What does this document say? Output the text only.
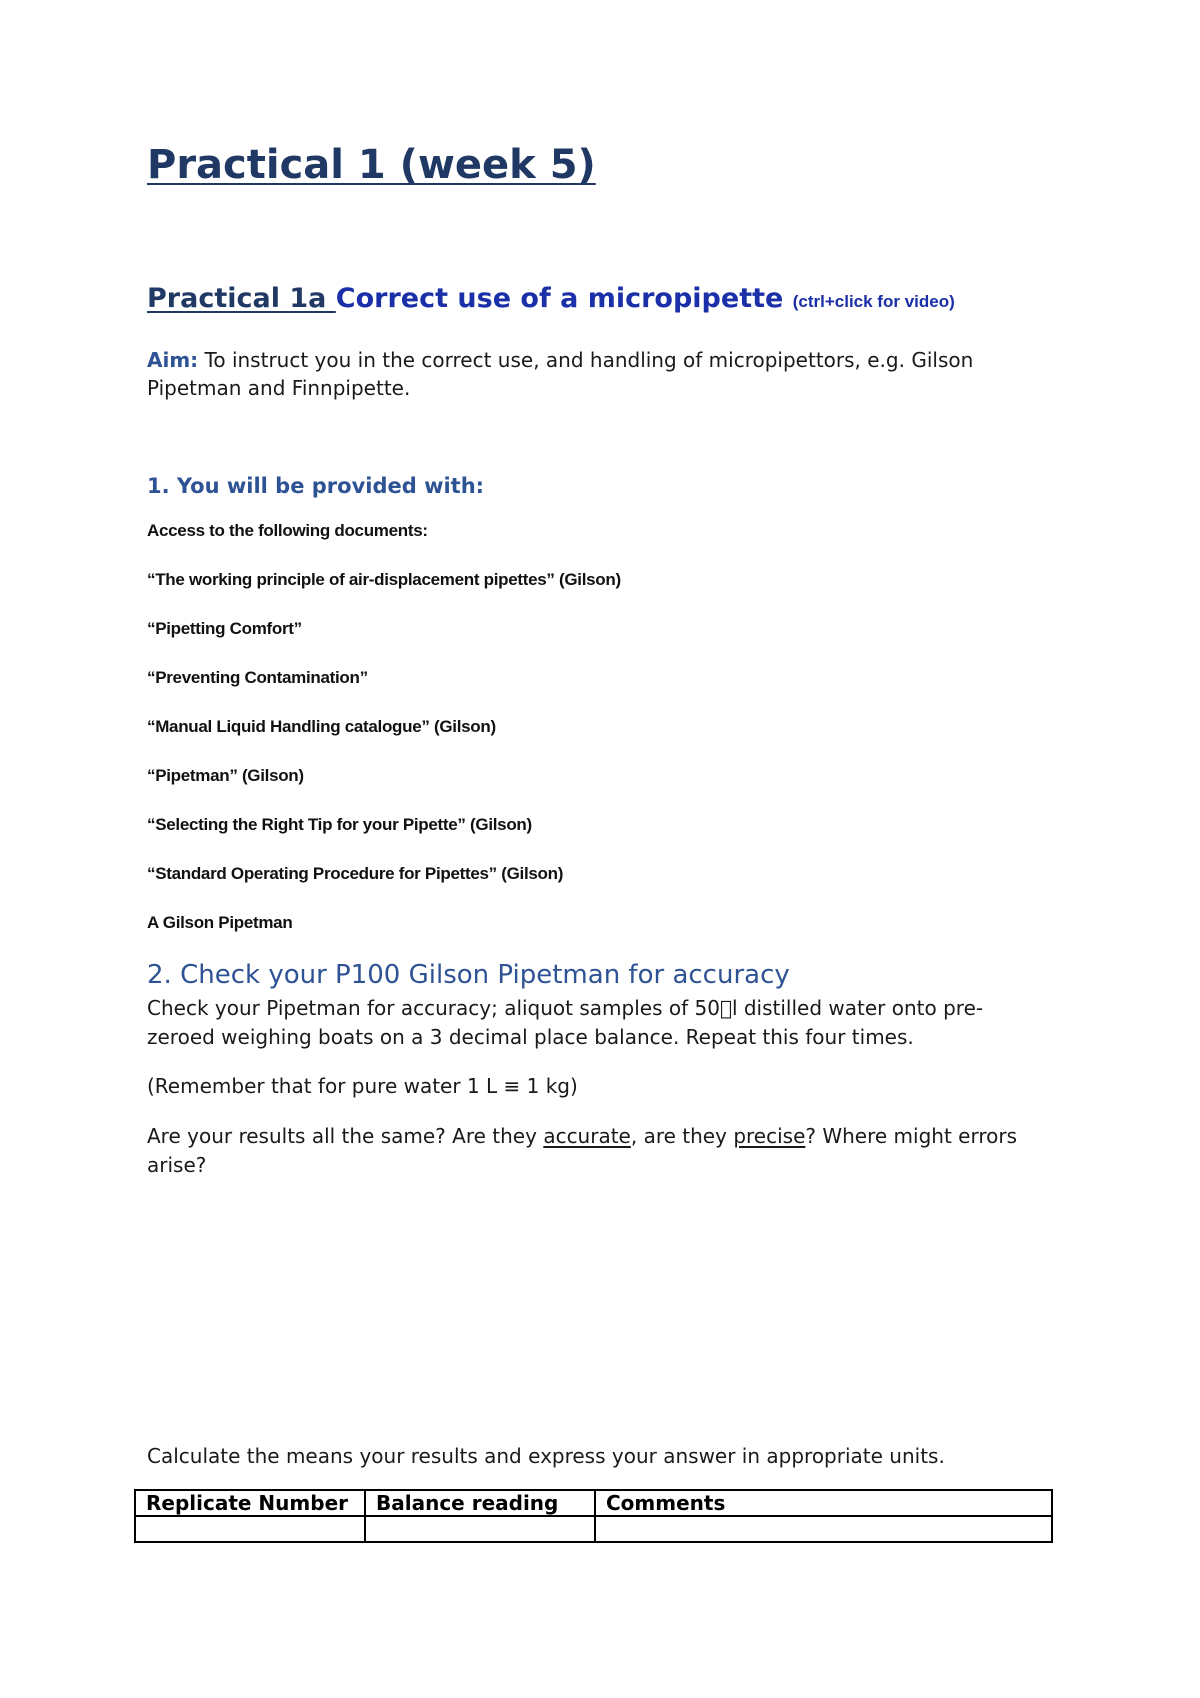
Practical 1 (week 5)
Practical 1a Correct use of a micropipette (ctrl+click for video)

Aim: To instruct you in the correct use, and handling of micropipettors, e.g. Gilson Pipetman and Finnpipette.

1. You will be provided with:
Access to the following documents:
“The working principle of air-displacement pipettes” (Gilson)
“Pipetting Comfort”
“Preventing Contamination”
“Manual Liquid Handling catalogue” (Gilson)
“Pipetman” (Gilson)
“Selecting the Right Tip for your Pipette” (Gilson)
“Standard Operating Procedure for Pipettes” (Gilson)
A Gilson Pipetman
2. Check your P100 Gilson Pipetman for accuracy

Check your Pipetman for accuracy; aliquot samples of 50 l distilled water onto pre-zeroed weighing boats on a 3 decimal place balance. Repeat this four times.

(Remember that for pure water 1 L ≡ 1 kg)

Are your results all the same? Are they accurate, are they precise? Where might errors arise?

Calculate the means your results and express your answer in appropriate units.

Replicate Number	Balance reading	Comments
